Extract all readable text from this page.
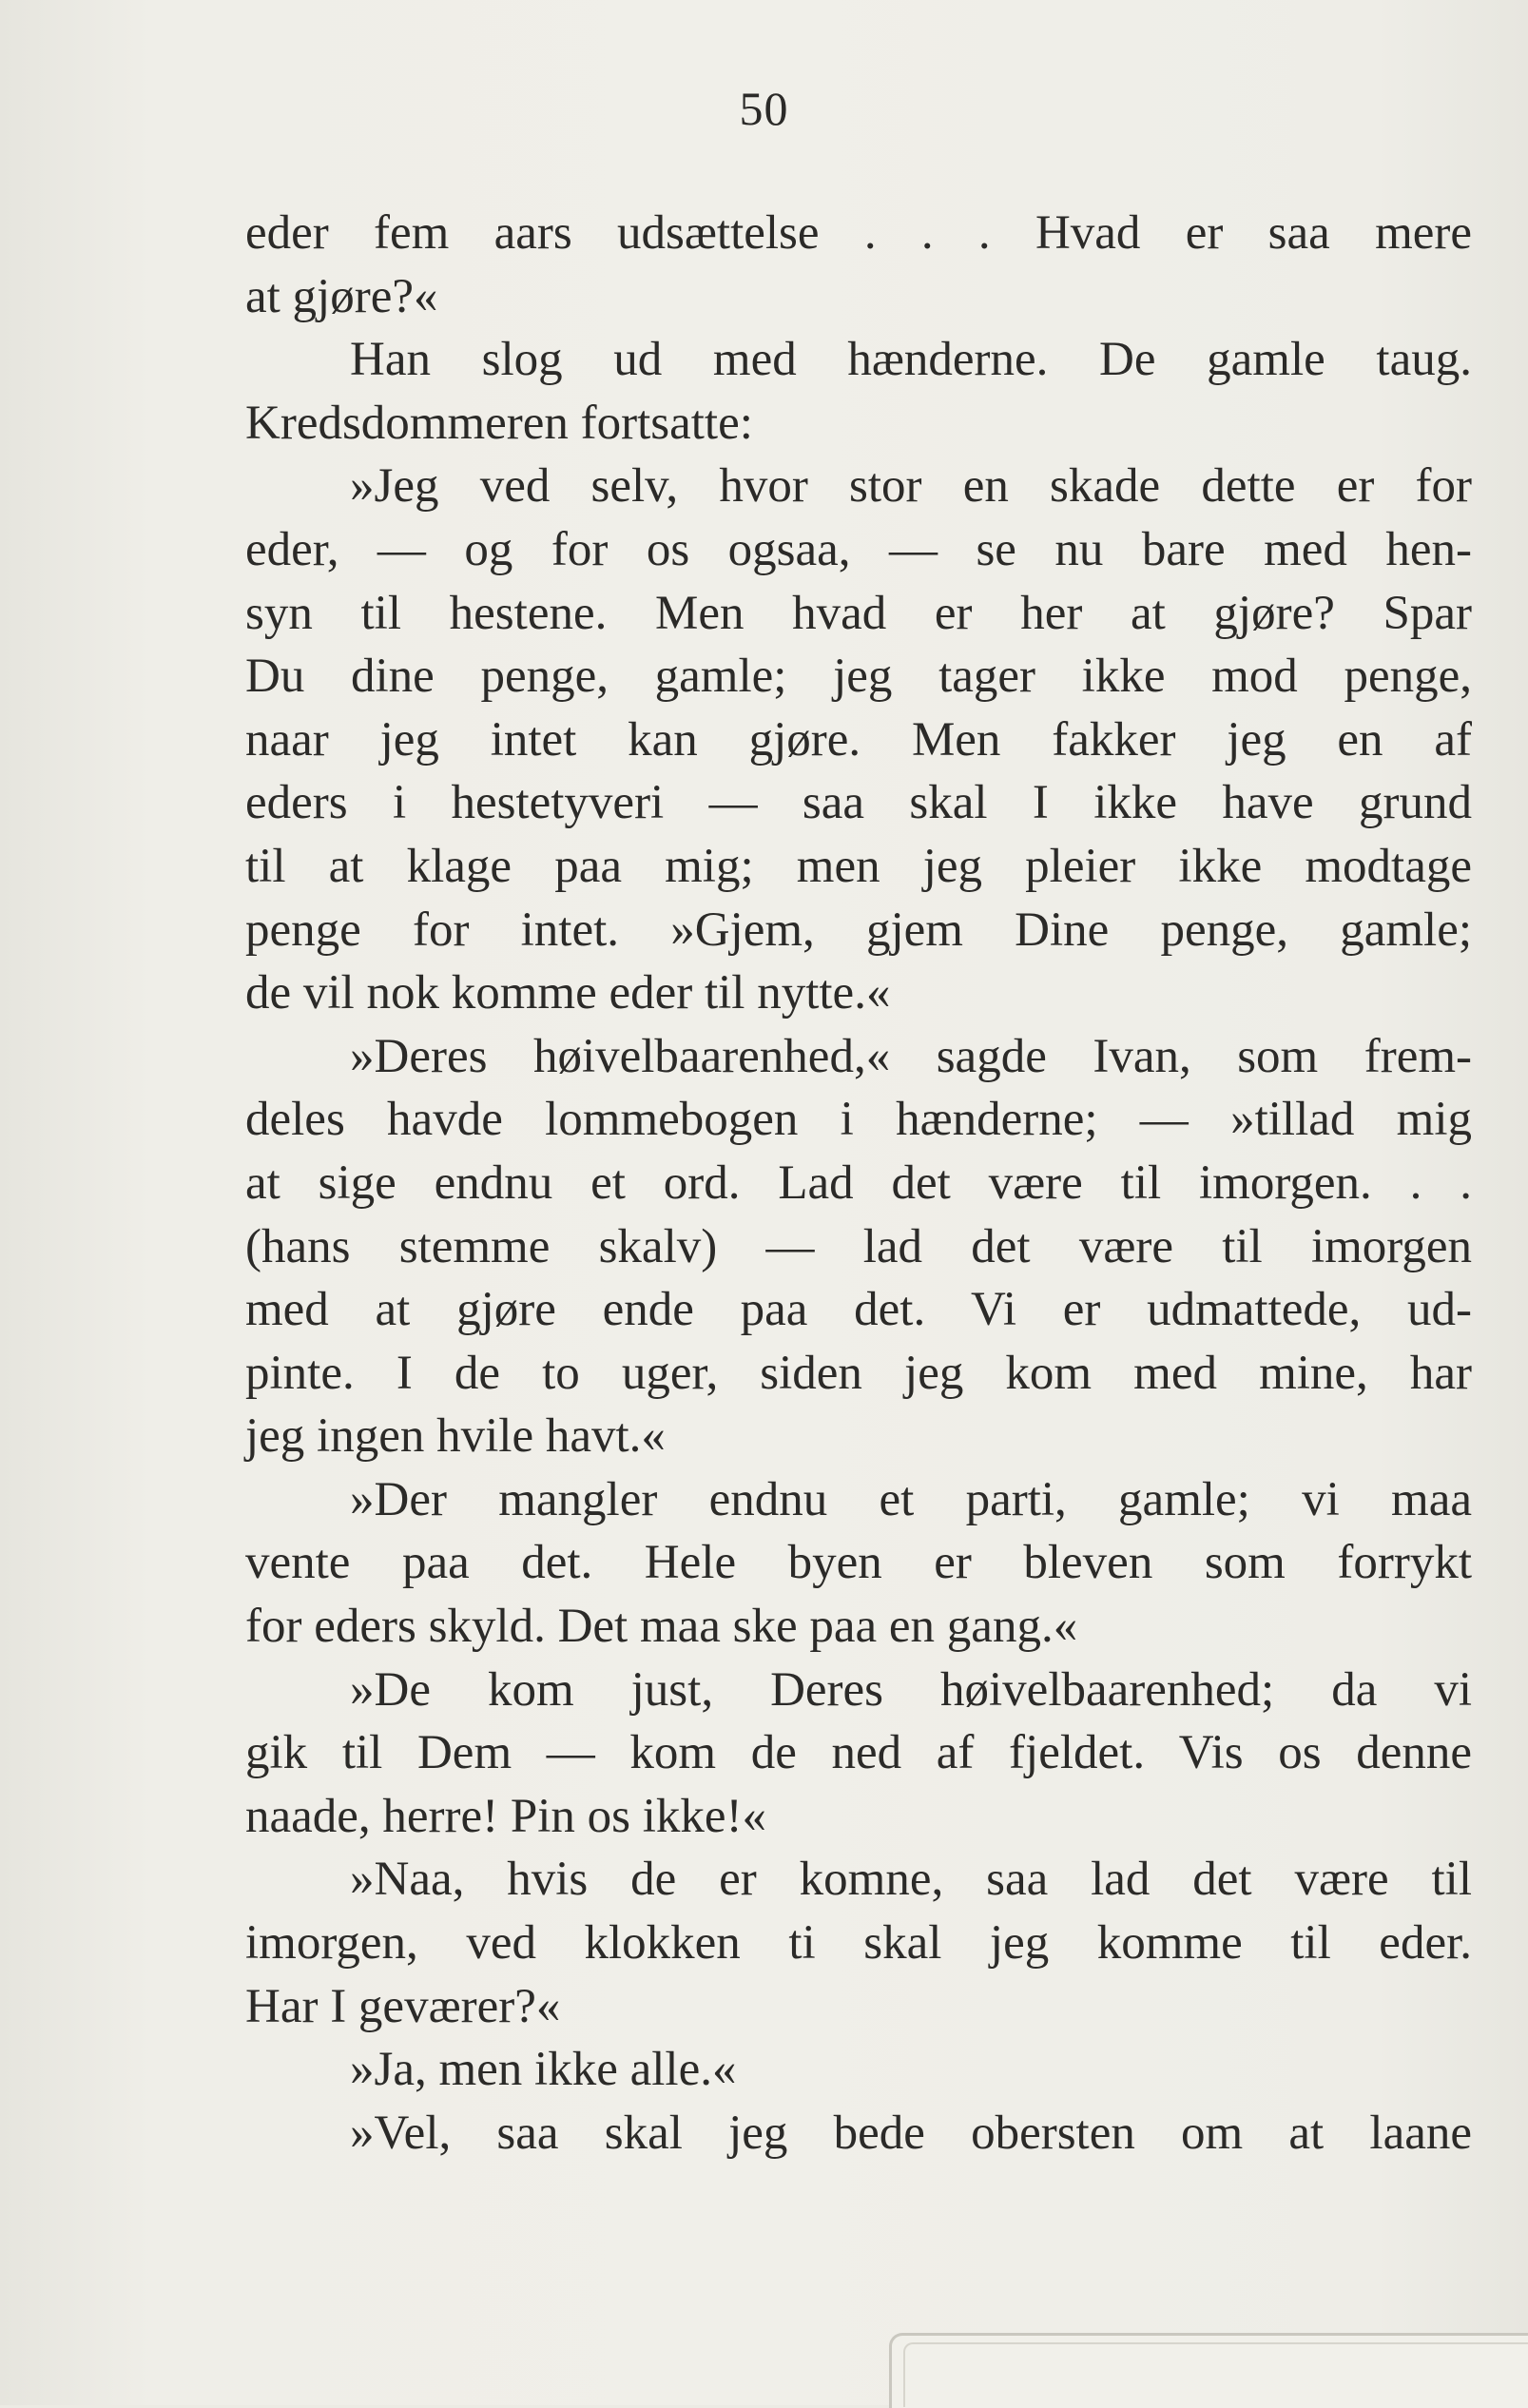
50
eder fem aars udsættelse . . . Hvad er saa mere
at gjøre?«
Han slog ud med hænderne. De gamle taug.
Kredsdommeren fortsatte:
»Jeg ved selv, hvor stor en skade dette er for
eder, — og for os ogsaa, — se nu bare med hen-
syn til hestene. Men hvad er her at gjøre? Spar
Du dine penge, gamle; jeg tager ikke mod penge,
naar jeg intet kan gjøre. Men fakker jeg en af
eders i hestetyveri — saa skal I ikke have grund
til at klage paa mig; men jeg pleier ikke modtage
penge for intet. »Gjem, gjem Dine penge, gamle;
de vil nok komme eder til nytte.«
»Deres høivelbaarenhed,« sagde Ivan, som frem-
deles havde lommebogen i hænderne; — »tillad mig
at sige endnu et ord. Lad det være til imorgen. . .
(hans stemme skalv) — lad det være til imorgen
med at gjøre ende paa det. Vi er udmattede, ud-
pinte. I de to uger, siden jeg kom med mine, har
jeg ingen hvile havt.«
»Der mangler endnu et parti, gamle; vi maa
vente paa det. Hele byen er bleven som forrykt
for eders skyld. Det maa ske paa en gang.«
»De kom just, Deres høivelbaarenhed; da vi
gik til Dem — kom de ned af fjeldet. Vis os denne
naade, herre! Pin os ikke!«
»Naa, hvis de er komne, saa lad det være til
imorgen, ved klokken ti skal jeg komme til eder.
Har I geværer?«
»Ja, men ikke alle.«
»Vel, saa skal jeg bede obersten om at laane
